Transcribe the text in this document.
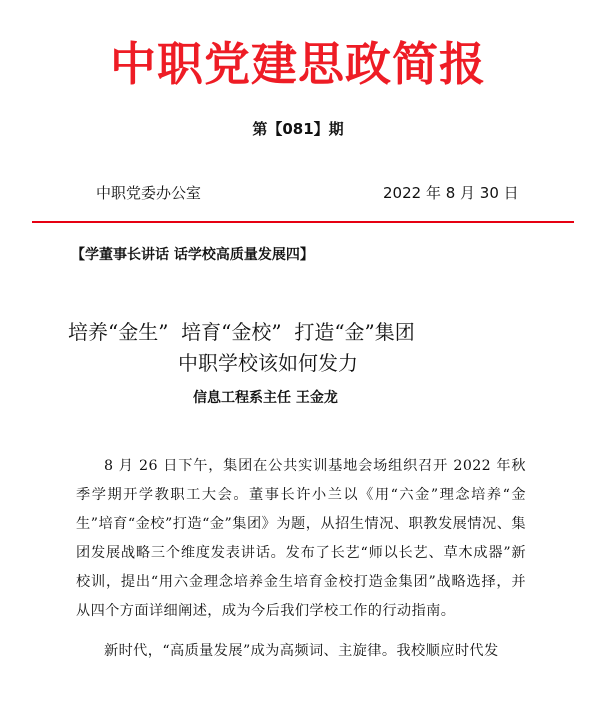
中职党建思政简报
第【081】期
中职党委办公室	2022 年 8 月 30 日
【学董事长讲话 话学校高质量发展四】
培养“金生”  培育“金校”  打造“金”集团
中职学校该如何发力
信息工程系主任 王金龙

8 月 26 日下午，集团在公共实训基地会场组织召开 2022 年秋季学期开学教职工大会。董事长许小兰以《用“六金”理念培养“金生”培育“金校”打造“金”集团》为题，从招生情况、职教发展情况、集团发展战略三个维度发表讲话。发布了长艺“师以长艺、草木成器”新校训，提出“用六金理念培养金生培育金校打造金集团”战略选择，并从四个方面详细阐述，成为今后我们学校工作的行动指南。

新时代，“高质量发展”成为高频词、主旋律。我校顺应时代发
